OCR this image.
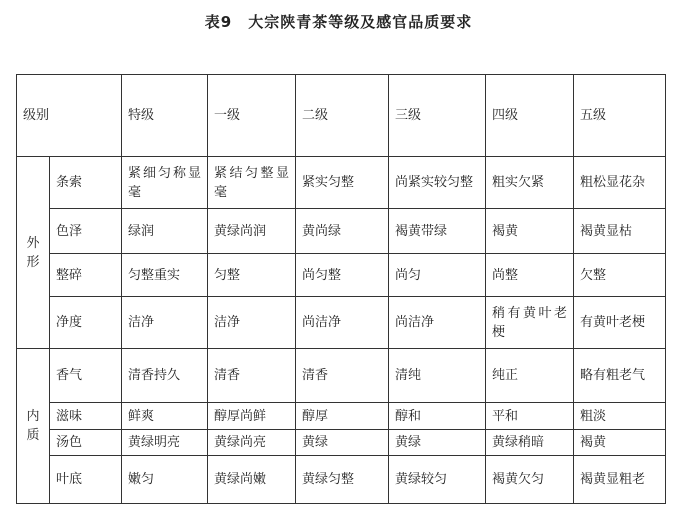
表9　大宗陕青茶等级及感官品质要求
级别		特级	一级	二级	三级	四级	五级

外
形	条索	紧细匀称显毫	紧结匀整显毫	紧实匀整	尚紧实较匀整	粗实欠紧	粗松显花杂
	色泽	绿润	黄绿尚润	黄尚绿	褐黄带绿	褐黄	褐黄显枯
	整碎	匀整重实	匀整	尚匀整	尚匀	尚整	欠整
	净度	洁净	洁净	尚洁净	尚洁净	稍有黄叶老梗	有黄叶老梗

内
质	香气	清香持久	清香	清香	清纯	纯正	略有粗老气
	滋味	鲜爽	醇厚尚鲜	醇厚	醇和	平和	粗淡
	汤色	黄绿明亮	黄绿尚亮	黄绿	黄绿	黄绿稍暗	褐黄
	叶底	嫩匀	黄绿尚嫩	黄绿匀整	黄绿较匀	褐黄欠匀	褐黄显粗老
